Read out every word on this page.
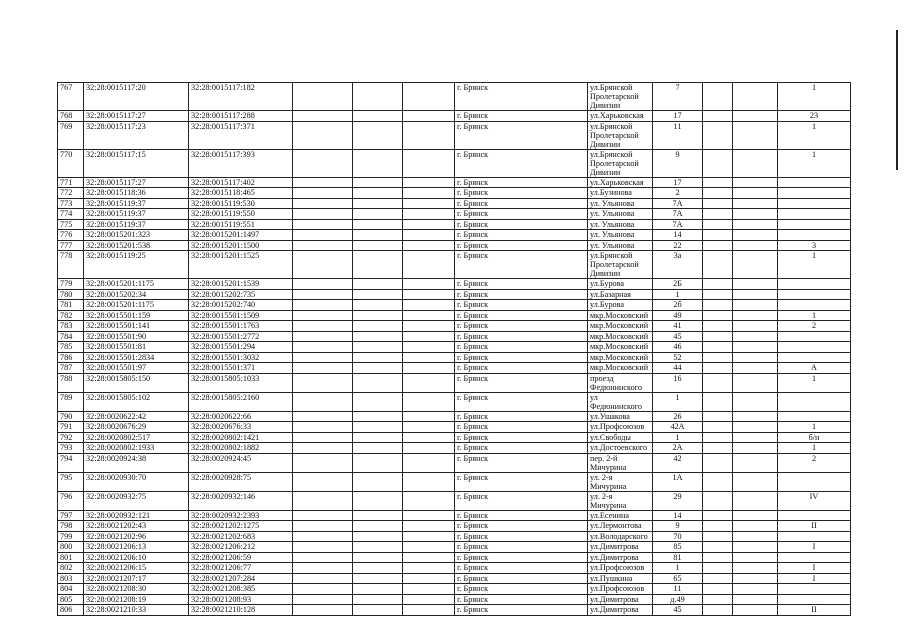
767	32:28:0015117:20	32:28:0015117:182				г. Брянск	ул.Брянской Пролетарской Дивизии	7			1
768	32:28:0015117:27	32:28:0015117:288				г. Брянск	ул.Харьковская	17			23
769	32:28:0015117:23	32:28:0015117:371				г. Брянск	ул.Брянской Пролетарской Дивизии	11			1
770	32:28:0015117:15	32:28:0015117:393				г. Брянск	ул.Брянской Пролетарской Дивизии	9			1
771	32:28:0015117:27	32:28:0015117:402				г. Брянск	ул.Харьковская	17			
772	32:28:0015118:36	32:28:0015118:465				г. Брянск	ул.Бузинова	2			
773	32:28:0015119:37	32:28:0015119:530				г. Брянск	ул. Ульянова	7А			
774	32:28:0015119:37	32:28:0015119:550				г. Брянск	ул. Ульянова	7А			
775	32:28:0015119:37	32:28:0015119:551				г. Брянск	ул. Ульянова	7А			
776	32:28:0015201:323	32:28:0015201:1497				г. Брянск	ул. Ульянова	14			
777	32:28:0015201:538	32:28:0015201:1500				г. Брянск	ул. Ульянова	22			3
778	32:28:0015119:25	32:28:0015201:1525				г. Брянск	ул.Брянской Пролетарской Дивизии	3а			1
779	32:28:0015201:1175	32:28:0015201:1539				г. Брянск	ул.Бурова	2Б			
780	32:28:0015202:34	32:28:0015202:735				г. Брянск	ул.Базарная	1			
781	32:28:0015201:1175	32:28:0015202:740				г. Брянск	ул.Бурова	2б			
782	32:28:0015501:159	32:28:0015501:1509				г. Брянск	мкр.Московский	49			1
783	32:28:0015501:141	32:28:0015501:1763				г. Брянск	мкр.Московский	41			2
784	32:28:0015501:90	32:28:0015501:2772				г. Брянск	мкр.Московский	45			
785	32:28:0015501:81	32:28:0015501:294				г. Брянск	мкр.Московский	46			
786	32:28:0015501:2834	32:28:0015501:3032				г. Брянск	мкр.Московский	52			
787	32:28:0015501:97	32:28:0015501:371				г. Брянск	мкр.Московский	44			А
788	32:28:0015805:150	32:28:0015805:1033				г. Брянск	проезд Федюнинского	16			1
789	32:28:0015805:102	32:28:0015805:2160				г. Брянск	ул Федюнинского	1			
790	32:28:0020622:42	32:28:0020622:66				г. Брянск	ул.Ушакова	26			
791	32:28:0020676:29	32:28:0020676:33				г. Брянск	ул.Профсоюзов	42А			1
792	32:28:0020802:517	32:28:0020802:1421				г. Брянск	ул.Свободы	1			б/н
793	32:28:0020802:1933	32:28:0020802:1882				г. Брянск	ул.Достоевского	2А			1
794	32:28:0020924:38	32:28:0020924:45				г. Брянск	пер. 2-й Мичурина	42			2
795	32:28:0020930:70	32:28:0020928:75				г. Брянск	ул. 2-я Мичурина	1А			
796	32:28:0020932:75	32:28:0020932:146				г. Брянск	ул. 2-я Мичурина	29			IV
797	32:28:0020932:121	32:28:0020932:2393				г. Брянск	ул.Есенина	14			
798	32:28:0021202:43	32:28:0021202:1275				г. Брянск	ул.Лермонтова	9			II
799	32:28:0021202:96	32:28:0021202:683				г. Брянск	ул.Володарского	70			
800	32:28:0021206:13	32:28:0021206:212				г. Брянск	ул.Димитрова	85			I
801	32:28:0021206:10	32:28:0021206:59				г. Брянск	ул.Димитрова	81			
802	32:28:0021206:15	32:28:0021206:77				г. Брянск	ул.Профсоюзов	1			I
803	32:28:0021207:17	32:28:0021207:284				г. Брянск	ул.Пушкина	65			I
804	32:28:0021208:30	32:28:0021208:385				г. Брянск	ул.Профсоюзов	11			
805	32:28:0021208:19	32:28:0021208:93				г. Брянск	ул.Димитрова	д.49			
806	32:28:0021210:33	32:28:0021210:128				г. Брянск	ул.Димитрова	45			II
